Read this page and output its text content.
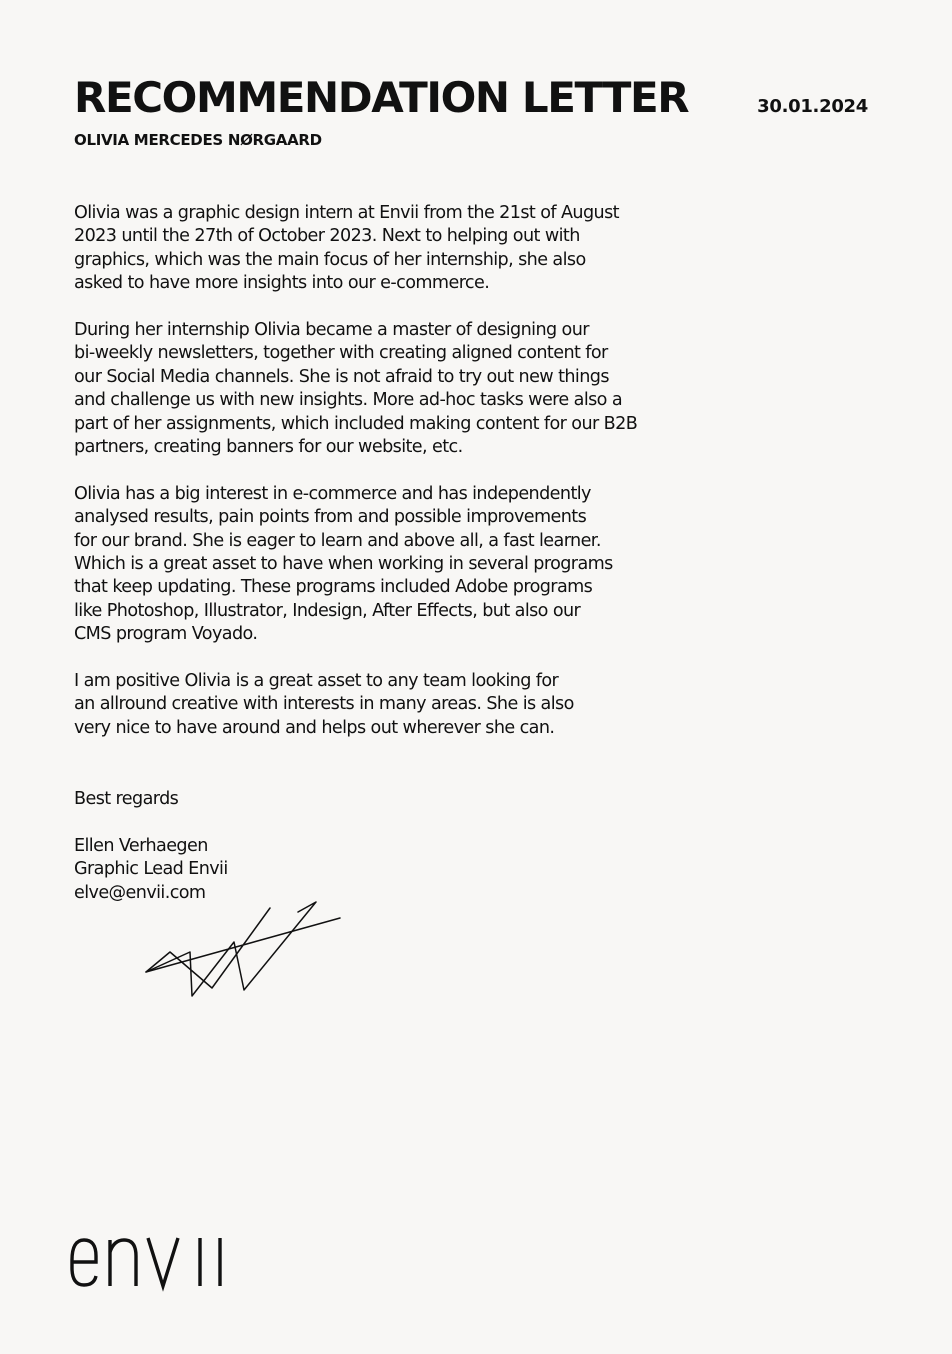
RECOMMENDATION LETTER	30.01.2024
OLIVIA MERCEDES NØRGAARD

Olivia was a graphic design intern at Envii from the 21st of August
2023 until the 27th of October 2023. Next to helping out with
graphics, which was the main focus of her internship, she also
asked to have more insights into our e-commerce.

During her internship Olivia became a master of designing our
bi-weekly newsletters, together with creating aligned content for
our Social Media channels. She is not afraid to try out new things
and challenge us with new insights. More ad-hoc tasks were also a
part of her assignments, which included making content for our B2B
partners, creating banners for our website, etc.

Olivia has a big interest in e-commerce and has independently
analysed results, pain points from and possible improvements
for our brand. She is eager to learn and above all, a fast learner.
Which is a great asset to have when working in several programs
that keep updating. These programs included Adobe programs
like Photoshop, Illustrator, Indesign, After Effects, but also our
CMS program Voyado.

I am positive Olivia is a great asset to any team looking for
an allround creative with interests in many areas. She is also
very nice to have around and helps out wherever she can.

Best regards
Ellen Verhaegen
Graphic Lead Envii
elve@envii.com
